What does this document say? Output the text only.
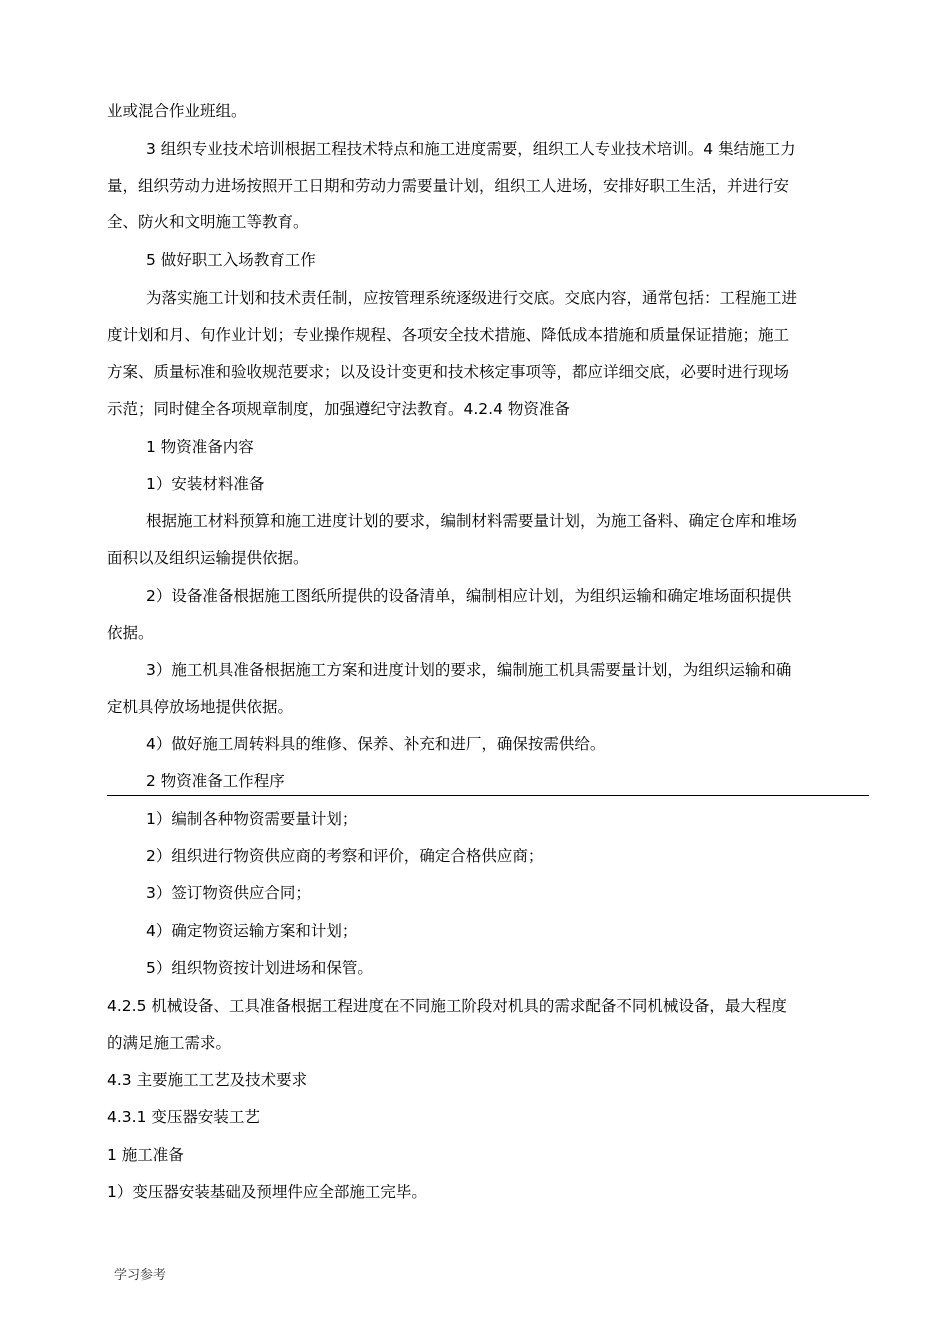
业或混合作业班组。

3 组织专业技术培训根据工程技术特点和施工进度需要，组织工人专业技术培训。4 集结施工力

量，组织劳动力进场按照开工日期和劳动力需要量计划，组织工人进场，安排好职工生活，并进行安

全、防火和文明施工等教育。

5 做好职工入场教育工作

为落实施工计划和技术责任制，应按管理系统逐级进行交底。交底内容，通常包括：工程施工进

度计划和月、旬作业计划；专业操作规程、各项安全技术措施、降低成本措施和质量保证措施；施工

方案、质量标准和验收规范要求；以及设计变更和技术核定事项等，都应详细交底，必要时进行现场

示范；同时健全各项规章制度，加强遵纪守法教育。4.2.4 物资准备

1 物资准备内容

1）安装材料准备

根据施工材料预算和施工进度计划的要求，编制材料需要量计划，为施工备料、确定仓库和堆场

面积以及组织运输提供依据。

2）设备准备根据施工图纸所提供的设备清单，编制相应计划，为组织运输和确定堆场面积提供

依据。

3）施工机具准备根据施工方案和进度计划的要求，编制施工机具需要量计划，为组织运输和确

定机具停放场地提供依据。

4）做好施工周转料具的维修、保养、补充和进厂，确保按需供给。

2 物资准备工作程序

1）编制各种物资需要量计划；

2）组织进行物资供应商的考察和评价，确定合格供应商；

3）签订物资供应合同；

4）确定物资运输方案和计划；

5）组织物资按计划进场和保管。

4.2.5 机械设备、工具准备根据工程进度在不同施工阶段对机具的需求配备不同机械设备，最大程度

的满足施工需求。

4.3 主要施工工艺及技术要求

4.3.1 变压器安装工艺

1 施工准备

1）变压器安装基础及预埋件应全部施工完毕。

学习参考
